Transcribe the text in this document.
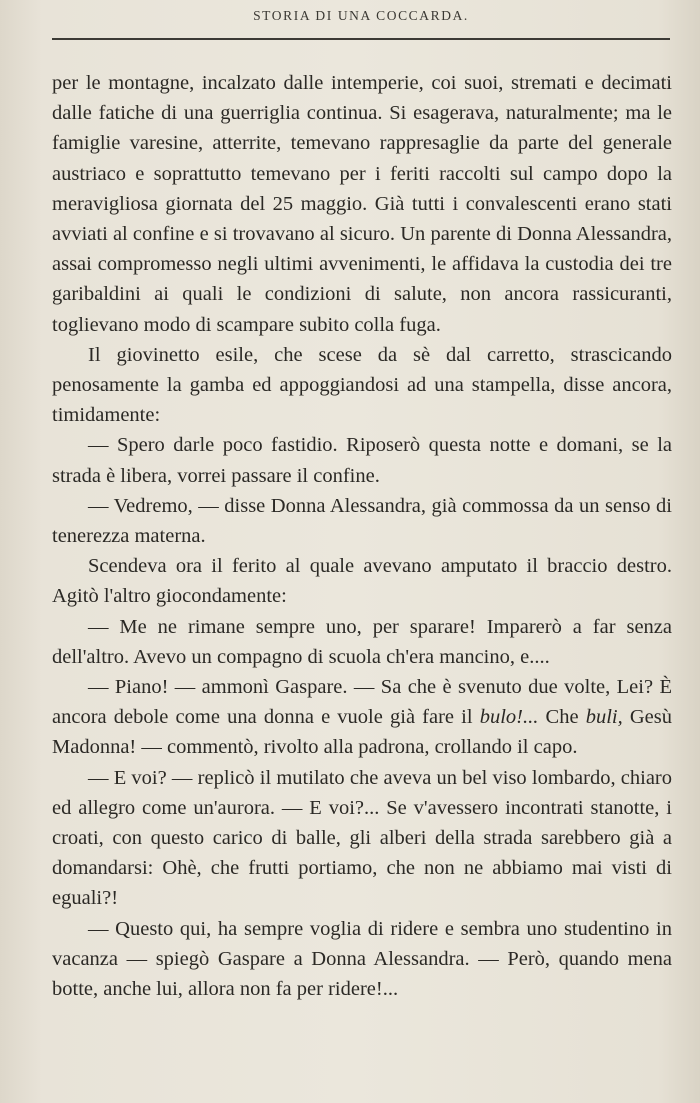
STORIA DI UNA COCCARDA.

per le montagne, incalzato dalle intemperie, coi suoi, stremati e decimati dalle fatiche di una guerriglia continua. Si esagerava, naturalmente; ma le famiglie varesine, atterrite, temevano rappresaglie da parte del generale austriaco e soprattutto temevano per i feriti raccolti sul campo dopo la meravigliosa giornata del 25 maggio. Già tutti i convalescenti erano stati avviati al confine e si trovavano al sicuro. Un parente di Donna Alessandra, assai compromesso negli ultimi avvenimenti, le affidava la custodia dei tre garibaldini ai quali le condizioni di salute, non ancora rassicuranti, toglievano modo di scampare subito colla fuga.

Il giovinetto esile, che scese da sè dal carretto, strascicando penosamente la gamba ed appoggiandosi ad una stampella, disse ancora, timidamente:

— Spero darle poco fastidio. Riposerò questa notte e domani, se la strada è libera, vorrei passare il confine.

— Vedremo, — disse Donna Alessandra, già commossa da un senso di tenerezza materna.

Scendeva ora il ferito al quale avevano amputato il braccio destro. Agitò l'altro giocondamente:

— Me ne rimane sempre uno, per sparare! Imparerò a far senza dell'altro. Avevo un compagno di scuola ch'era mancino, e....

— Piano! — ammonì Gaspare. — Sa che è svenuto due volte, Lei? È ancora debole come una donna e vuole già fare il bulo!... Che buli, Gesù Madonna! — commentò, rivolto alla padrona, crollando il capo.

— E voi? — replicò il mutilato che aveva un bel viso lombardo, chiaro ed allegro come un'aurora. — E voi?... Se v'avessero incontrati stanotte, i croati, con questo carico di balle, gli alberi della strada sarebbero già a domandarsi: Ohè, che frutti portiamo, che non ne abbiamo mai visti di eguali?!

— Questo qui, ha sempre voglia di ridere e sembra uno studentino in vacanza — spiegò Gaspare a Donna Alessandra. — Però, quando mena botte, anche lui, allora non fa per ridere!...
